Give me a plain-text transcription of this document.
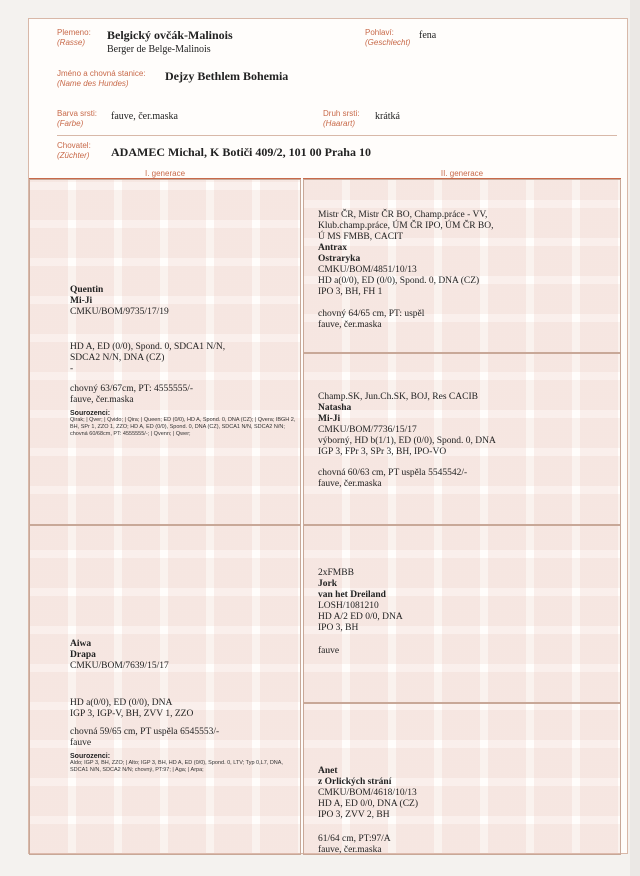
Plemeno:
(Rasse)
Belgický ovčák-Malinois
Berger de Belge-Malinois
Pohlaví:
(Geschlecht)
fena
Jméno a chovná stanice:
(Name des Hundes)
Dejzy Bethlem Bohemia
Barva srsti:
(Farbe)
fauve, čer.maska	Druh srsti:
(Haarart)
krátká
Chovatel:
(Züchter) ADAMEC Michal, K Botiči 409/2, 101 00 Praha 10
I. generace	II. generace
Quentin
Mi-Ji
CMKU/BOM/9735/17/19
HD A, ED (0/0), Spond. 0, SDCA1 N/N,
SDCA2 N/N, DNA (CZ)
-
chovný 63/67cm, PT: 4555555/-
fauve, čer.maska
Sourozenci:
Qirak; | Qver; | Qvido; | Qira; | Queen; ED (0/0), HD A, Spond. 0, DNA (CZ); | Qvera; IBGH 2, BH, SPr 1, ZZO 1, ZZO; HD A, ED (0/0), Spond. 0, DNA (CZ), SDCA1 N/N, SDCA2 N/N; chovná 60/68cm, PT: 4555555/-; | Qvenn; | Qwer;
Aiwa
Drapa
CMKU/BOM/7639/15/17
HD a(0/0), ED (0/0), DNA
IGP 3, IGP-V, BH, ZVV 1, ZZO
chovná 59/65 cm, PT uspěla 6545553/-
fauve
Sourozenci:
Aldo; IGP 3, BH, ZZO; | Alto; IGP 3, BH, HD A, ED (0/0), Spond. 0, LTV; Typ 0,L7, DNA, SDCA1 N/N, SDCA2 N/N; chovný, PT:97; | Aga; | Arpa;
Mistr ČR, Mistr ČR BO, Champ.práce - VV,
Klub.champ.práce, ÚM ČR IPO, ÚM ČR BO,
Ú MS FMBB, CACIT
Antrax
Ostraryka
CMKU/BOM/4851/10/13
HD a(0/0), ED (0/0), Spond. 0, DNA (CZ)
IPO 3, BH, FH 1
chovný 64/65 cm, PT: uspěl
fauve, čer.maska
Champ.SK, Jun.Ch.SK, BOJ, Res CACIB
Natasha
Mi-Ji
CMKU/BOM/7736/15/17
výborný, HD b(1/1), ED (0/0), Spond. 0, DNA
IGP 3, FPr 3, SPr 3, BH, IPO-VO
chovná 60/63 cm, PT uspěla 5545542/-
fauve, čer.maska
2xFMBB
Jork
van het Dreiland
LOSH/1081210
HD A/2 ED 0/0, DNA
IPO 3, BH
fauve
Anet
z Orlických strání
CMKU/BOM/4618/10/13
HD A, ED 0/0, DNA (CZ)
IPO 3, ZVV 2, BH
61/64 cm, PT:97/A
fauve, čer.maska
